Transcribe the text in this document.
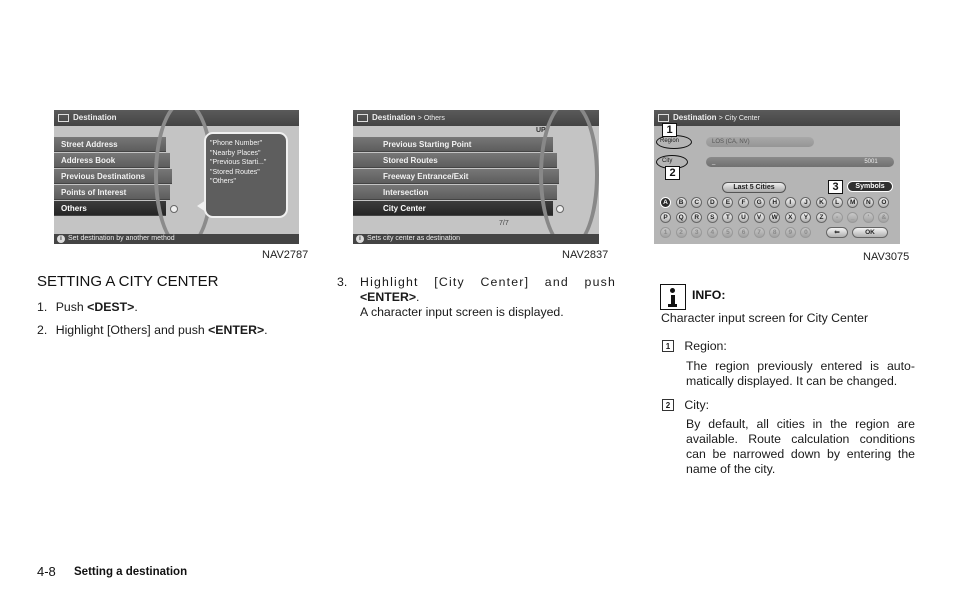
Destination
Street Address
Address Book
Previous Destinations
Points of Interest
Others
"Phone Number"
"Nearby Places"
"Previous Starti..."
"Stored Routes"
"Others"
i Set destination by another method
NAV2787
Destination > Others
UP
Previous Starting Point
Stored Routes
Freeway Entrance/Exit
Intersection
City Center
7/7
i Sets city center as destination
NAV2837
Destination > City Center
Region	LOS (CA, NV)
City	_	5001
1
2
3
Last 5 Cities	Symbols
A	B	C	D	E	F	G	H	I	J	K	L	M	N	O
P	Q	R	S	T	U	V	W	X	Y	Z	-	_	'	&
1	2	3	4	5	6	7	8	9	0	⇐	OK
NAV3075
SETTING A CITY CENTER
1. Push <DEST>.
2. Highlight [Others] and push <ENTER>.
3. Highlight [City Center] and push
<ENTER>.
A character input screen is displayed.
INFO:
Character input screen for City Center
1 Region:
The region previously entered is auto-
matically displayed. It can be changed.
2 City:
By default, all cities in the region are
available. Route calculation conditions
can be narrowed down by entering the
name of the city.
4-8 Setting a destination
